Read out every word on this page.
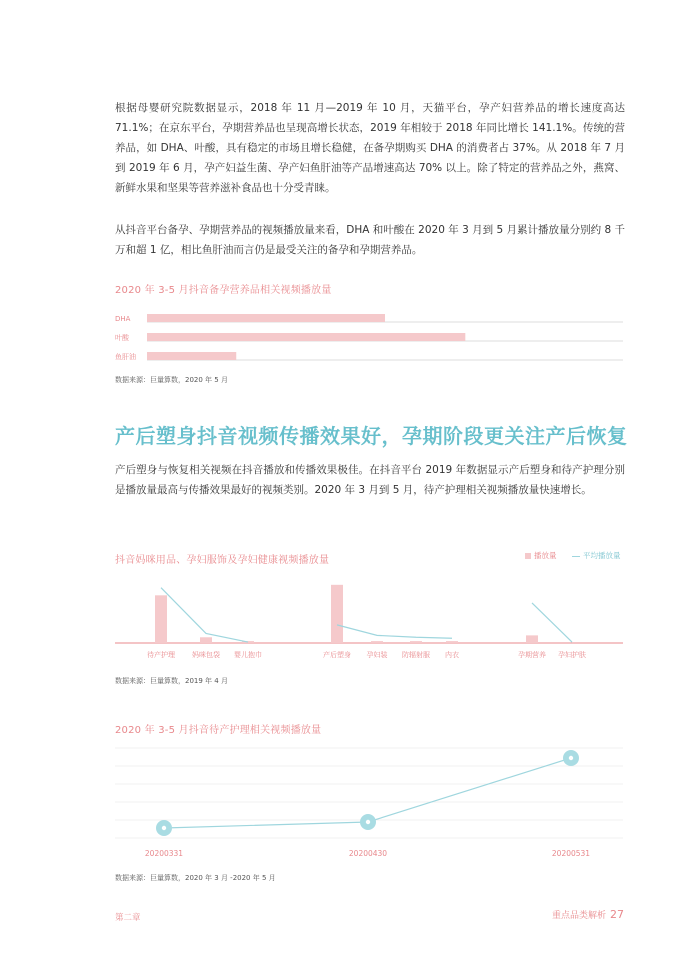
根据母婴研究院数据显示，2018 年 11 月—2019 年 10 月，天猫平台，孕产妇营养品的增长速度高达 71.1%；在京东平台，孕期营养品也呈现高增长状态，2019 年相较于 2018 年同比增长 141.1%。传统的营养品，如 DHA、叶酸，具有稳定的市场且增长稳健，在备孕期购买 DHA 的消费者占 37%。从 2018 年 7 月到 2019 年 6 月，孕产妇益生菌、孕产妇鱼肝油等产品增速高达 70% 以上。除了特定的营养品之外，燕窝、新鲜水果和坚果等营养滋补食品也十分受青睐。

从抖音平台备孕、孕期营养品的视频播放量来看，DHA 和叶酸在 2020 年 3 月到 5 月累计播放量分别约 8 千万和超 1 亿，相比鱼肝油而言仍是最受关注的备孕和孕期营养品。

2020 年 3-5 月抖音备孕营养品相关视频播放量
DHA
叶酸
鱼肝油
数据来源：巨量算数，2020 年 5 月
产后塑身抖音视频传播效果好，孕期阶段更关注产后恢复

产后塑身与恢复相关视频在抖音播放和传播效果极佳。在抖音平台 2019 年数据显示产后塑身和待产护理分别是播放量最高与传播效果最好的视频类别。2020 年 3 月到 5 月，待产护理相关视频播放量快速增长。

抖音妈咪用品、孕妇服饰及孕妇健康视频播放量	播放量	平均播放量
待产护理 妈咪包袋 婴儿抱巾	产后塑身 孕妇装 防辐射服 内衣	孕期营养 孕妇护肤
数据来源：巨量算数，2019 年 4 月
2020 年 3-5 月抖音待产护理相关视频播放量
20200331	20200430	20200531
数据来源：巨量算数，2020 年 3 月 -2020 年 5 月
第二章	重点品类解析 27
